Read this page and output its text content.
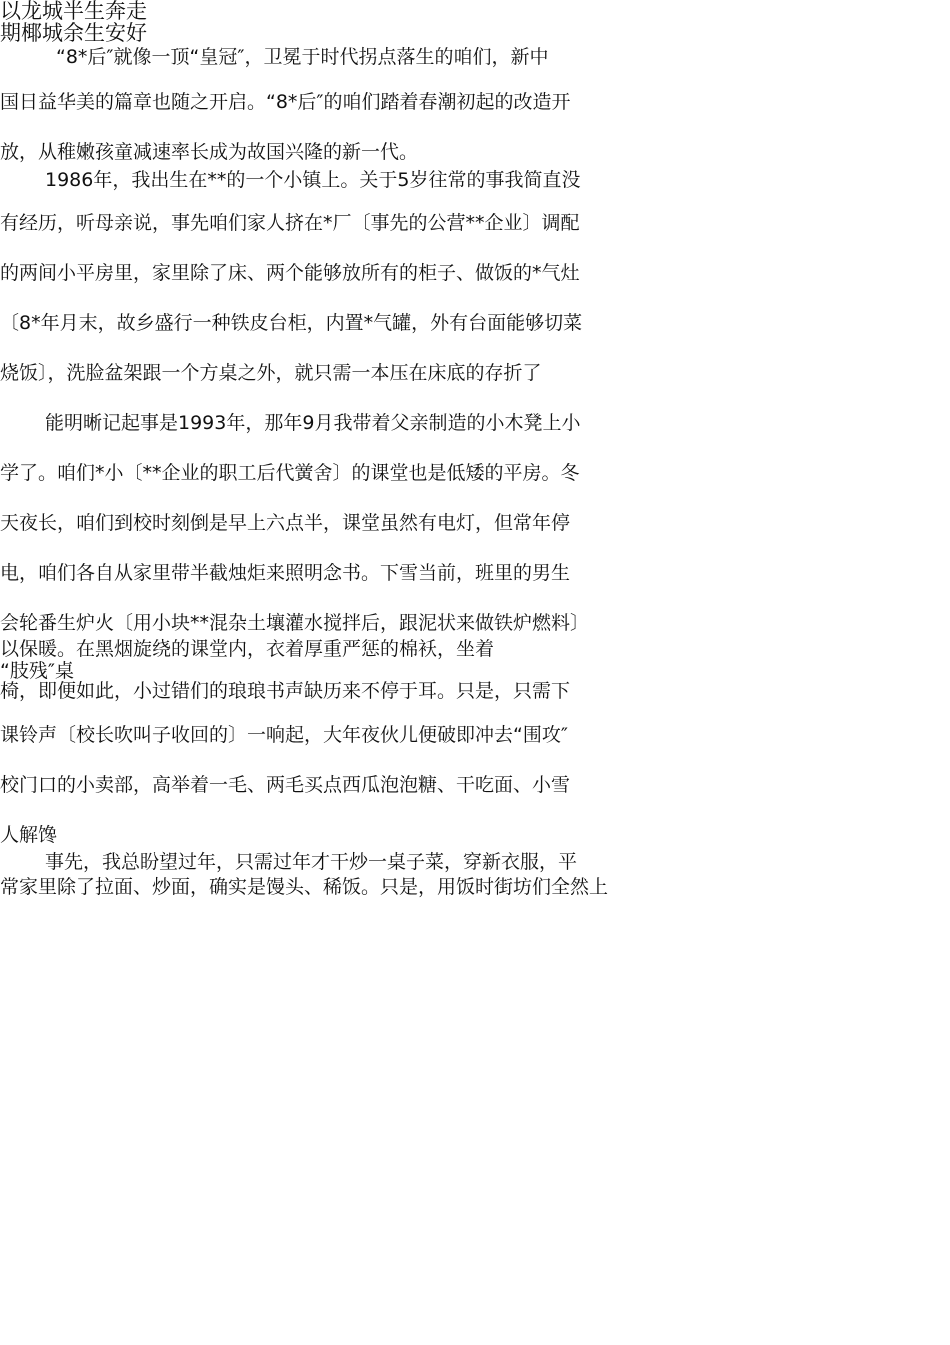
以龙城半生奔走

期椰城余生安好

“8*后″就像一顶“皇冠″，卫冕于时代拐点落生的咱们，新中

国日益华美的篇章也随之开启。“8*后″的咱们踏着春潮初起的改造开

放，从稚嫩孩童减速率长成为故国兴隆的新一代。

1986年，我出生在**的一个小镇上。关于5岁往常的事我简直没

有经历，听母亲说，事先咱们家人挤在*厂〔事先的公营**企业〕调配

的两间小平房里，家里除了床、两个能够放所有的柜子、做饭的*气灶

〔8*年月末，故乡盛行一种铁皮台柜，内置*气罐，外有台面能够切菜

烧饭〕，洗脸盆架跟一个方桌之外，就只需一本压在床底的存折了

能明晰记起事是1993年，那年9月我带着父亲制造的小木凳上小

学了。咱们*小〔**企业的职工后代黉舍〕的课堂也是低矮的平房。冬

天夜长，咱们到校时刻倒是早上六点半，课堂虽然有电灯，但常年停

电，咱们各自从家里带半截烛炬来照明念书。下雪当前，班里的男生

会轮番生炉火〔用小块**混杂土壤灌水搅拌后，跟泥状来做铁炉燃料〕

以保暖。在黑烟旋绕的课堂内，衣着厚重严惩的棉袄，坐着

“肢残″桌

椅，即便如此，小过错们的琅琅书声缺历来不停于耳。只是，只需下

课铃声〔校长吹叫子收回的〕一响起，大年夜伙儿便破即冲去“围攻″

校门口的小卖部，高举着一毛、两毛买点西瓜泡泡糖、干吃面、小雪

人解馋

事先，我总盼望过年，只需过年才干炒一桌子菜，穿新衣服，平

常家里除了拉面、炒面，确实是馒头、稀饭。只是，用饭时街坊们全然上
